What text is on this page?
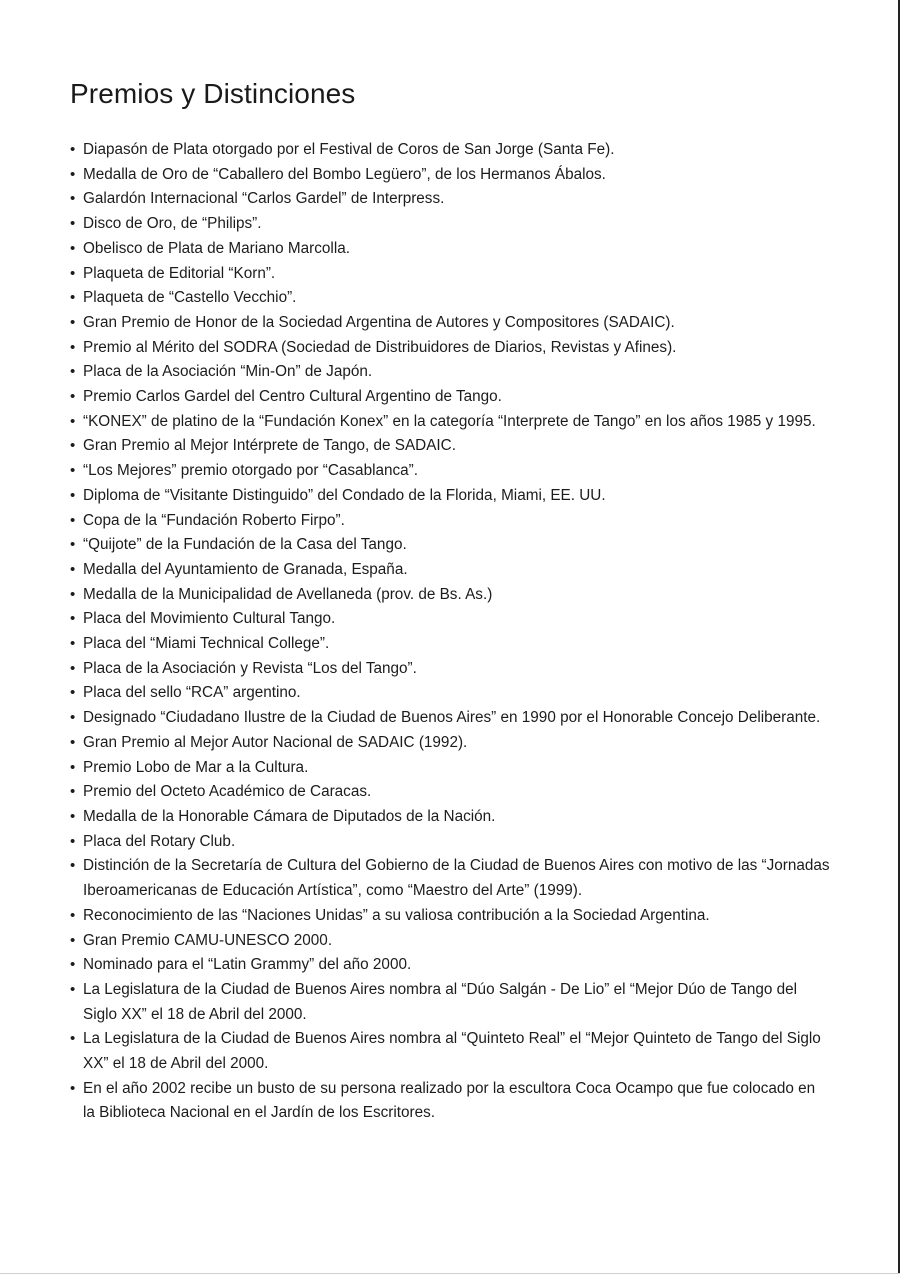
Premios y Distinciones
• Diapasón de Plata otorgado por el Festival de Coros de San Jorge (Santa Fe).
• Medalla de Oro de “Caballero del Bombo Legüero”, de los Hermanos Ábalos.
• Galardón Internacional “Carlos Gardel” de Interpress.
• Disco de Oro, de “Philips”.
• Obelisco de Plata de Mariano Marcolla.
• Plaqueta de Editorial “Korn”.
• Plaqueta de “Castello Vecchio”.
• Gran Premio de Honor de la Sociedad Argentina de Autores y Compositores (SADAIC).
• Premio al Mérito del SODRA (Sociedad de Distribuidores de Diarios, Revistas y Afines).
• Placa de la Asociación “Min-On” de Japón.
• Premio Carlos Gardel del Centro Cultural Argentino de Tango.
• “KONEX” de platino de la “Fundación Konex” en la categoría “Interprete de Tango” en los años 1985 y 1995.
• Gran Premio al Mejor Intérprete de Tango, de SADAIC.
• “Los Mejores” premio otorgado por “Casablanca”.
• Diploma de “Visitante Distinguido” del Condado de la Florida, Miami, EE. UU.
• Copa de la “Fundación Roberto Firpo”.
• “Quijote” de la Fundación de la Casa del Tango.
• Medalla del Ayuntamiento de Granada, España.
• Medalla de la Municipalidad de Avellaneda (prov. de Bs. As.)
• Placa del Movimiento Cultural Tango.
• Placa del “Miami Technical College”.
• Placa de la Asociación y Revista “Los del Tango”.
• Placa del sello “RCA” argentino.
• Designado “Ciudadano Ilustre de la Ciudad de Buenos Aires” en 1990 por el Honorable Concejo Deliberante.
• Gran Premio al Mejor Autor Nacional de SADAIC (1992).
• Premio Lobo de Mar a la Cultura.
• Premio del Octeto Académico de Caracas.
• Medalla de la Honorable Cámara de Diputados de la Nación.
• Placa del Rotary Club.
• Distinción de la Secretaría de Cultura del Gobierno de la Ciudad de Buenos Aires con motivo de las “Jornadas Iberoamericanas de Educación Artística”, como “Maestro del Arte” (1999).
• Reconocimiento de las “Naciones Unidas” a su valiosa contribución a la Sociedad Argentina.
• Gran Premio CAMU-UNESCO 2000.
• Nominado para el “Latin Grammy” del año 2000.
• La Legislatura de la Ciudad de Buenos Aires nombra al “Dúo Salgán - De Lio” el “Mejor Dúo de Tango del Siglo XX” el 18 de Abril del 2000.
• La Legislatura de la Ciudad de Buenos Aires nombra al “Quinteto Real” el “Mejor Quinteto de Tango del Siglo XX” el 18 de Abril del 2000.
• En el año 2002 recibe un busto de su persona realizado por la escultora Coca Ocampo que fue colocado en la Biblioteca Nacional en el Jardín de los Escritores.
